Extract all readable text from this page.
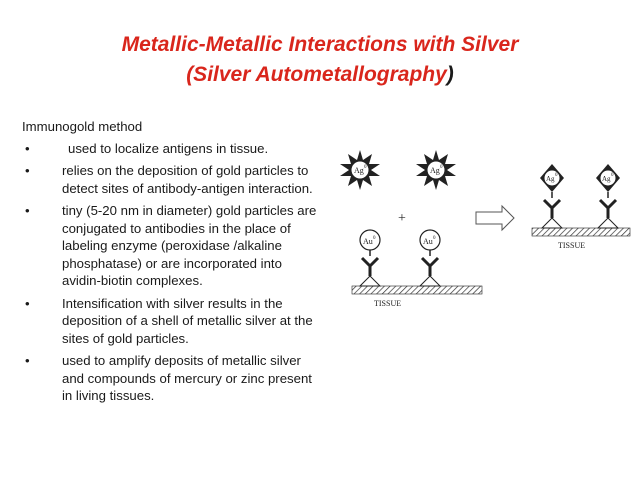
Metallic-Metallic Interactions with Silver
(Silver Autometallography)
Immunogold method
•	used to localize antigens in tissue.
•	relies on the deposition of gold particles to detect sites of antibody-antigen interaction.
•	tiny (5-20 nm in diameter) gold particles are conjugated to antibodies in the place of labeling enzyme (peroxidase /alkaline phosphatase) or are incorporated into avidin-biotin complexes.
•	Intensification with silver results in the deposition of a shell of metallic silver at the sites of gold particles.
•	used to amplify deposits of metallic silver and compounds of mercury or zinc present in living tissues.
Ag 0	Ag 0
+
Au 0	Au 0
TISSUE
Ag 0	Ag 0
TISSUE
